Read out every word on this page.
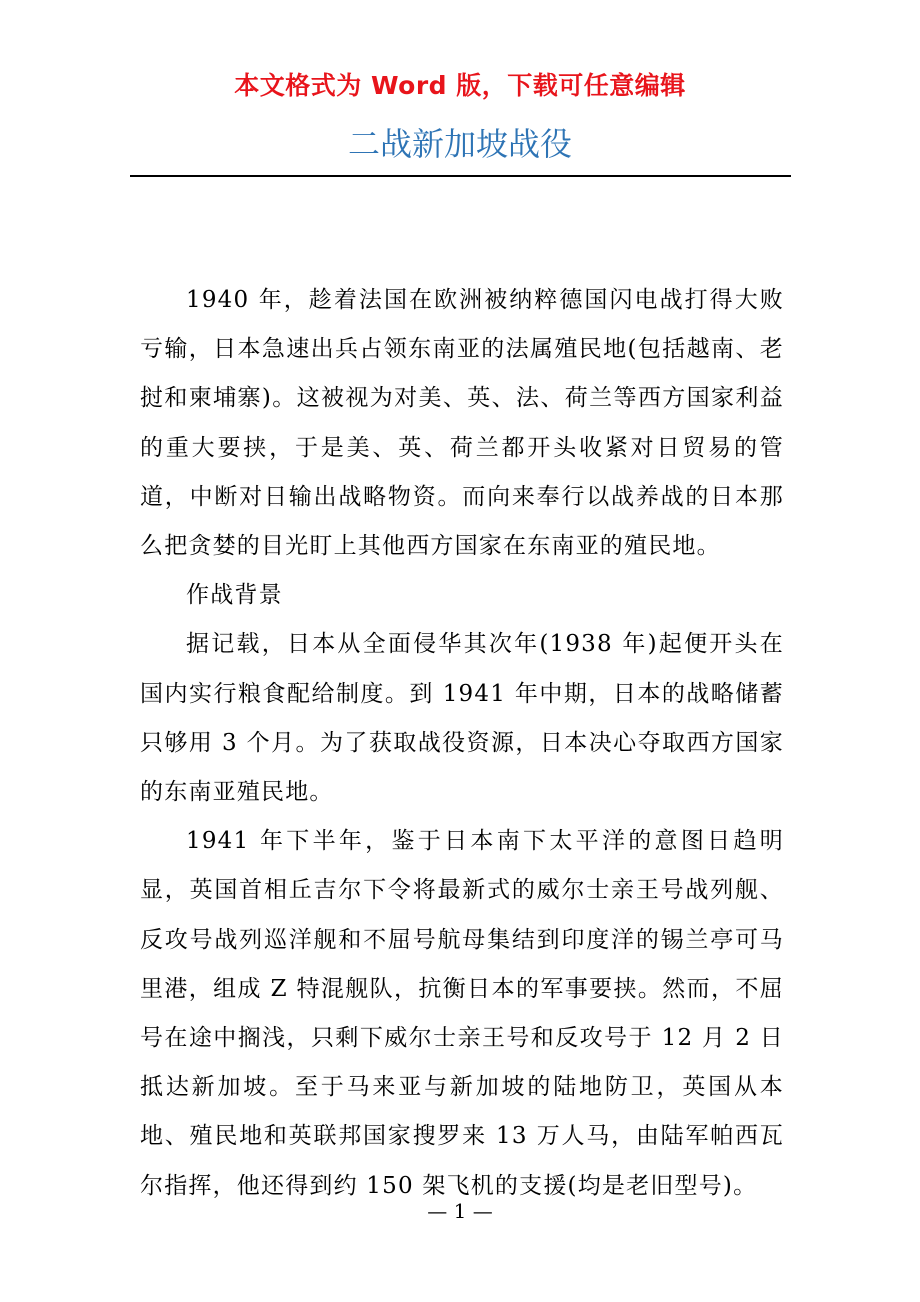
本文格式为 Word 版，下载可任意编辑
二战新加坡战役

1940 年，趁着法国在欧洲被纳粹德国闪电战打得大败亏输，日本急速出兵占领东南亚的法属殖民地(包括越南、老挝和柬埔寨)。这被视为对美、英、法、荷兰等西方国家利益的重大要挟，于是美、英、荷兰都开头收紧对日贸易的管道，中断对日输出战略物资。而向来奉行以战养战的日本那么把贪婪的目光盯上其他西方国家在东南亚的殖民地。

作战背景

据记载，日本从全面侵华其次年(1938 年)起便开头在国内实行粮食配给制度。到 1941 年中期，日本的战略储蓄只够用 3 个月。为了获取战役资源，日本决心夺取西方国家的东南亚殖民地。

1941 年下半年，鉴于日本南下太平洋的意图日趋明显，英国首相丘吉尔下令将最新式的威尔士亲王号战列舰、反攻号战列巡洋舰和不屈号航母集结到印度洋的锡兰亭可马里港，组成 Z 特混舰队，抗衡日本的军事要挟。然而，不屈号在途中搁浅，只剩下威尔士亲王号和反攻号于 12 月 2 日抵达新加坡。至于马来亚与新加坡的陆地防卫，英国从本地、殖民地和英联邦国家搜罗来 13 万人马，由陆军帕西瓦尔指挥，他还得到约 150 架飞机的支援(均是老旧型号)。

— 1 —
